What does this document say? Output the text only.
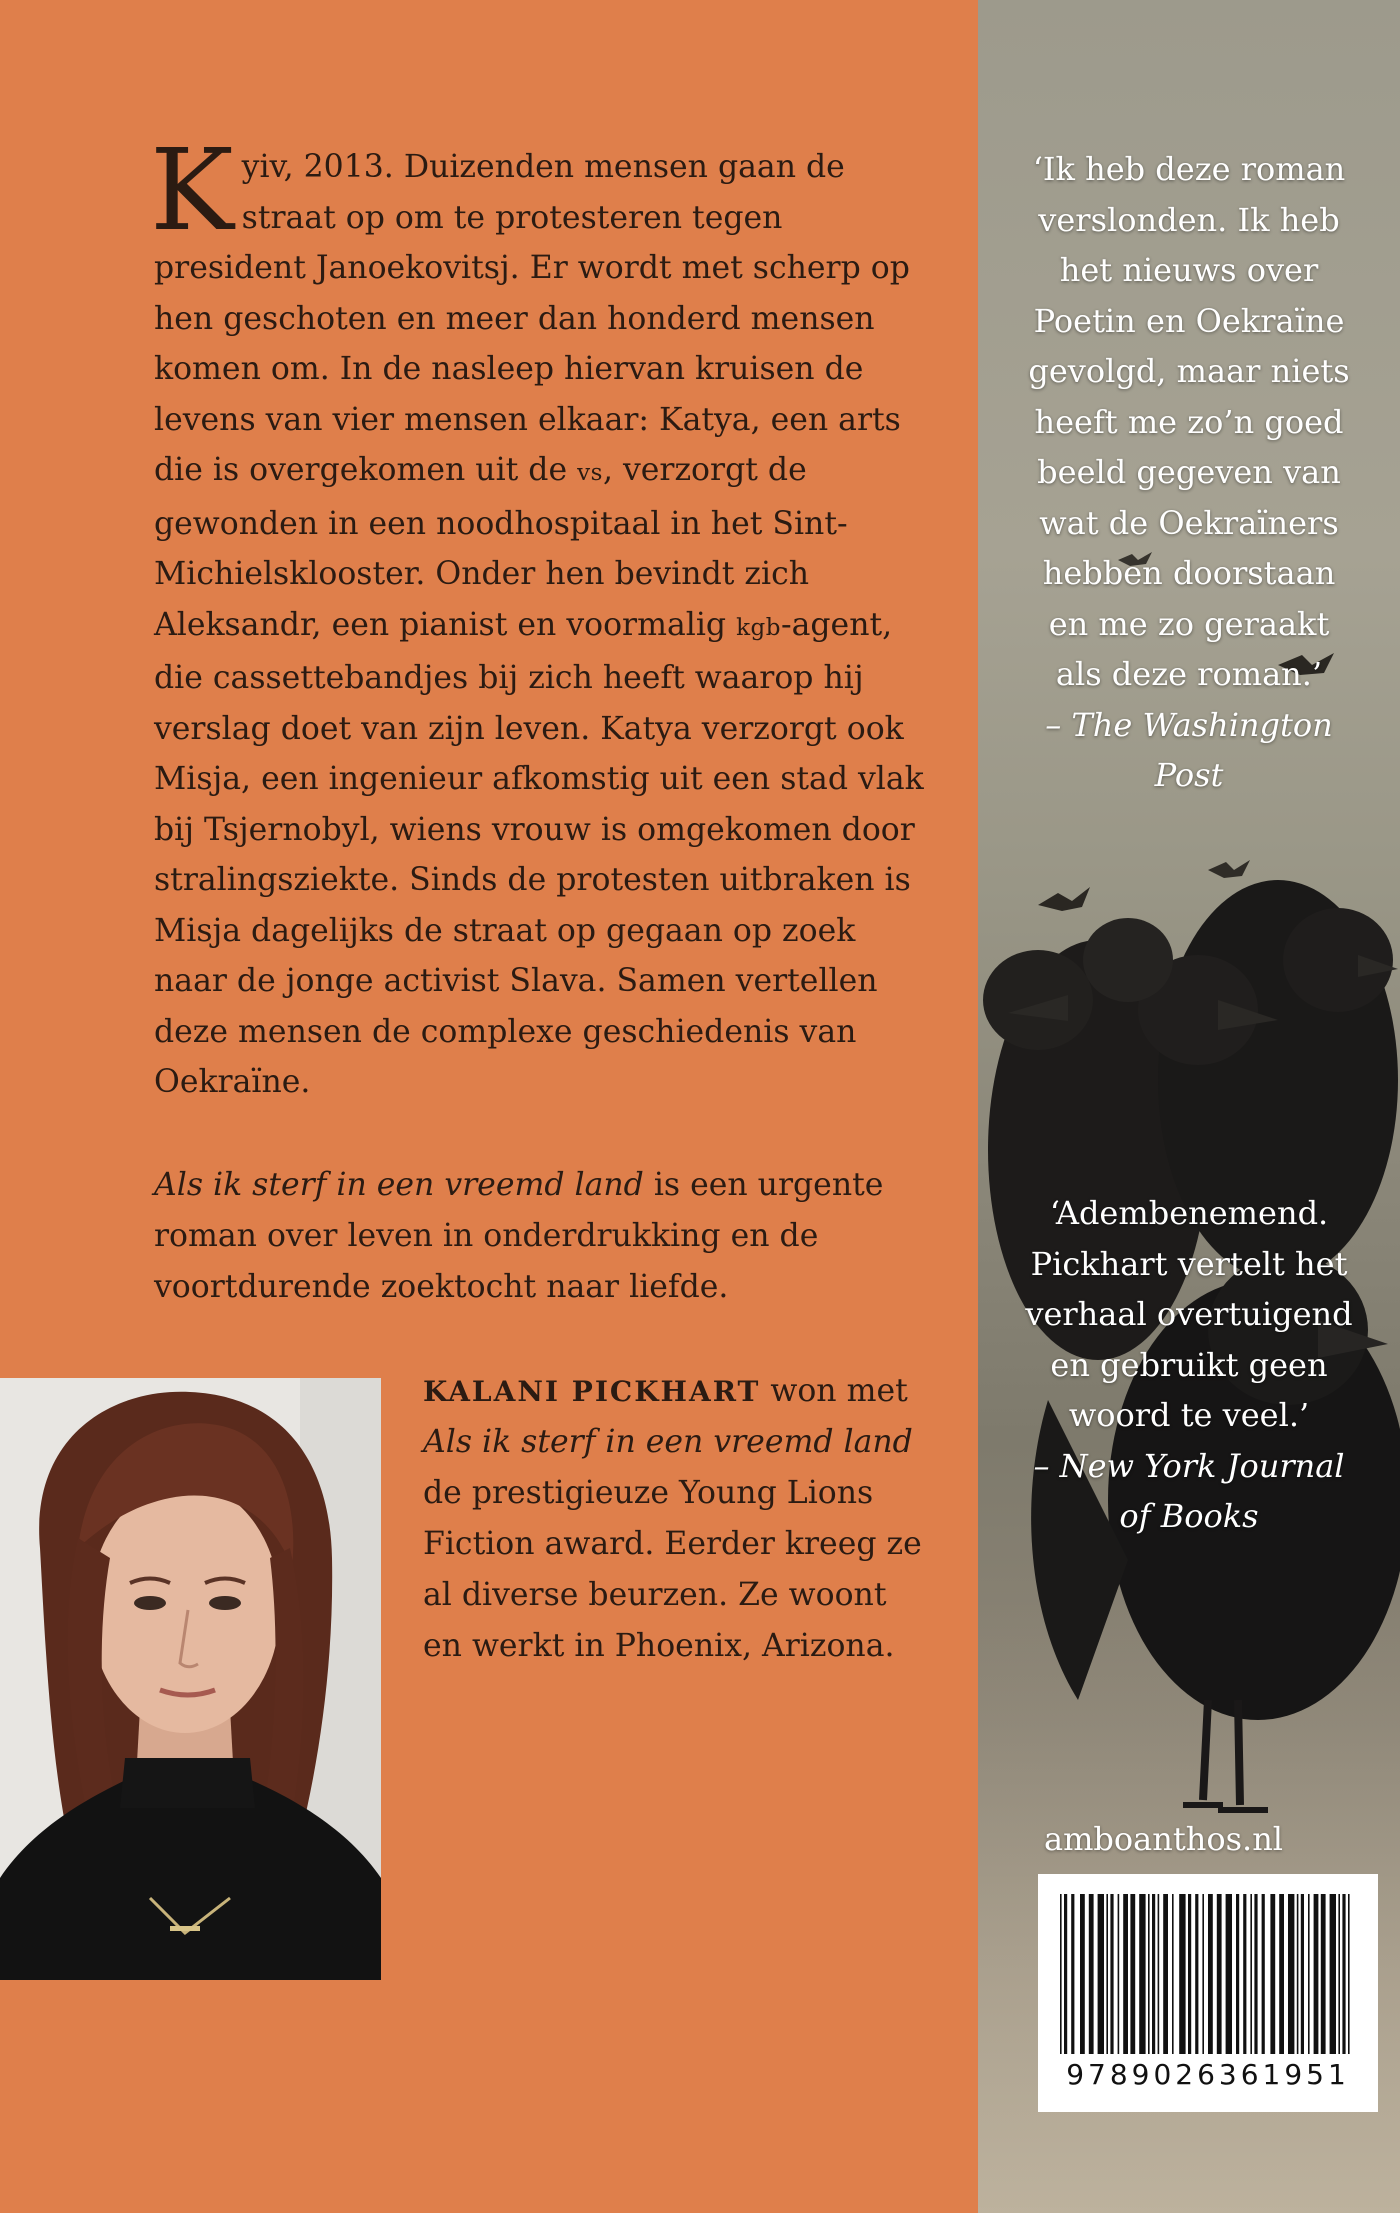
Kyiv, 2013. Duizenden mensen gaan de straat op om te protesteren tegen president Janoekovitsj. Er wordt met scherp op hen geschoten en meer dan honderd mensen komen om. In de nasleep hiervan kruisen de levens van vier mensen elkaar: Katya, een arts die is overgekomen uit de vs, verzorgt de gewonden in een noodhospitaal in het Sint-Michielsklooster. Onder hen bevindt zich Aleksandr, een pianist en voormalig kgb-agent, die cassettebandjes bij zich heeft waarop hij verslag doet van zijn leven. Katya verzorgt ook Misja, een ingenieur afkomstig uit een stad vlak bij Tsjernobyl, wiens vrouw is omgekomen door stralingsziekte. Sinds de protesten uitbraken is Misja dagelijks de straat op gegaan op zoek naar de jonge activist Slava. Samen vertellen deze mensen de complexe geschiedenis van Oekraïne.

Als ik sterf in een vreemd land is een urgente roman over leven in onderdrukking en de voortdurende zoektocht naar liefde.

KALANI PICKHART won met Als ik sterf in een vreemd land de prestigieuze Young Lions Fiction award. Eerder kreeg ze al diverse beurzen. Ze woont en werkt in Phoenix, Arizona.

‘Ik heb deze roman
verslonden. Ik heb
het nieuws over
Poetin en Oekraïne
gevolgd, maar niets
heeft me zo’n goed
beeld gegeven van
wat de Oekraïners
hebben doorstaan
en me zo geraakt
als deze roman.’
– The Washington
Post

‘Adembenemend.
Pickhart vertelt het
verhaal overtuigend
en gebruikt geen
woord te veel.’
– New York Journal
of Books

amboanthos.nl
9789026361951
